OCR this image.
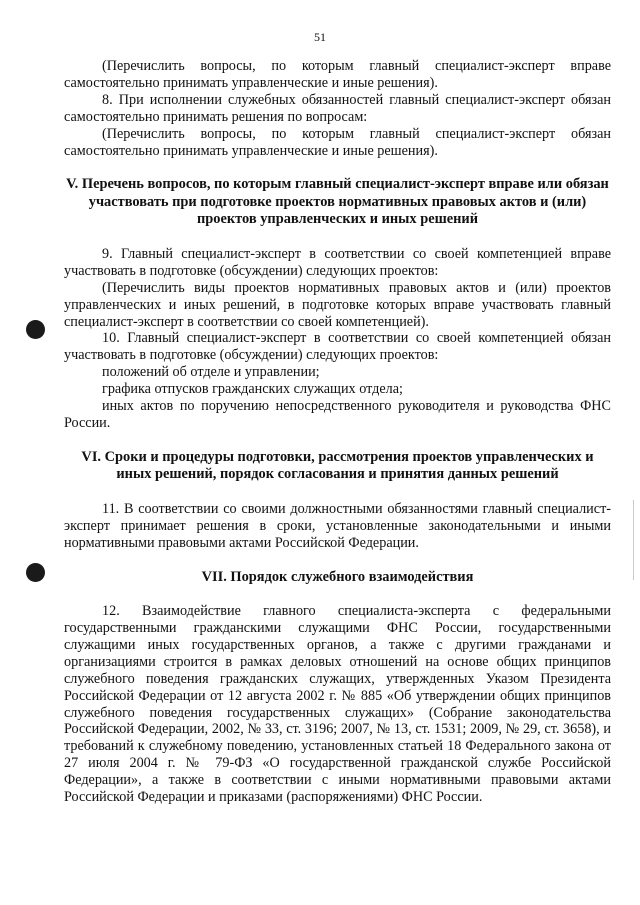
51

(Перечислить вопросы, по которым главный специалист-эксперт вправе самостоятельно принимать управленческие и иные решения).

8. При исполнении служебных обязанностей главный специалист-эксперт обязан самостоятельно принимать решения по вопросам:

(Перечислить вопросы, по которым главный специалист-эксперт обязан самостоятельно принимать управленческие и иные решения).

V. Перечень вопросов, по которым главный специалист-эксперт вправе или обязан участвовать при подготовке проектов нормативных правовых актов и (или) проектов управленческих и иных решений

9. Главный специалист-эксперт в соответствии со своей компетенцией вправе участвовать в подготовке (обсуждении) следующих проектов:

(Перечислить виды проектов нормативных правовых актов и (или) проектов управленческих и иных решений, в подготовке которых вправе участвовать главный специалист-эксперт в соответствии со своей компетенцией).

10. Главный специалист-эксперт в соответствии со своей компетенцией обязан участвовать в подготовке (обсуждении) следующих проектов:

положений об отделе и управлении;

графика отпусков гражданских служащих отдела;

иных актов по поручению непосредственного руководителя и руководства ФНС России.

VI. Сроки и процедуры подготовки, рассмотрения проектов управленческих и иных решений, порядок согласования и принятия данных решений

11. В соответствии со своими должностными обязанностями главный специалист-эксперт принимает решения в сроки, установленные законодательными и иными нормативными правовыми актами Российской Федерации.

VII. Порядок служебного взаимодействия

12. Взаимодействие главного специалиста-эксперта с федеральными государственными гражданскими служащими ФНС России, государственными служащими иных государственных органов, а также с другими гражданами и организациями строится в рамках деловых отношений на основе общих принципов служебного поведения гражданских служащих, утвержденных Указом Президента Российской Федерации от 12 августа 2002 г. № 885 «Об утверждении общих принципов служебного поведения государственных служащих» (Собрание законодательства Российской Федерации, 2002, № 33, ст. 3196; 2007, № 13, ст. 1531; 2009, № 29, ст. 3658), и требований к служебному поведению, установленных статьей 18 Федерального закона от 27 июля 2004 г. № 79-ФЗ «О государственной гражданской службе Российской Федерации», а также в соответствии с иными нормативными правовыми актами Российской Федерации и приказами (распоряжениями) ФНС России.
